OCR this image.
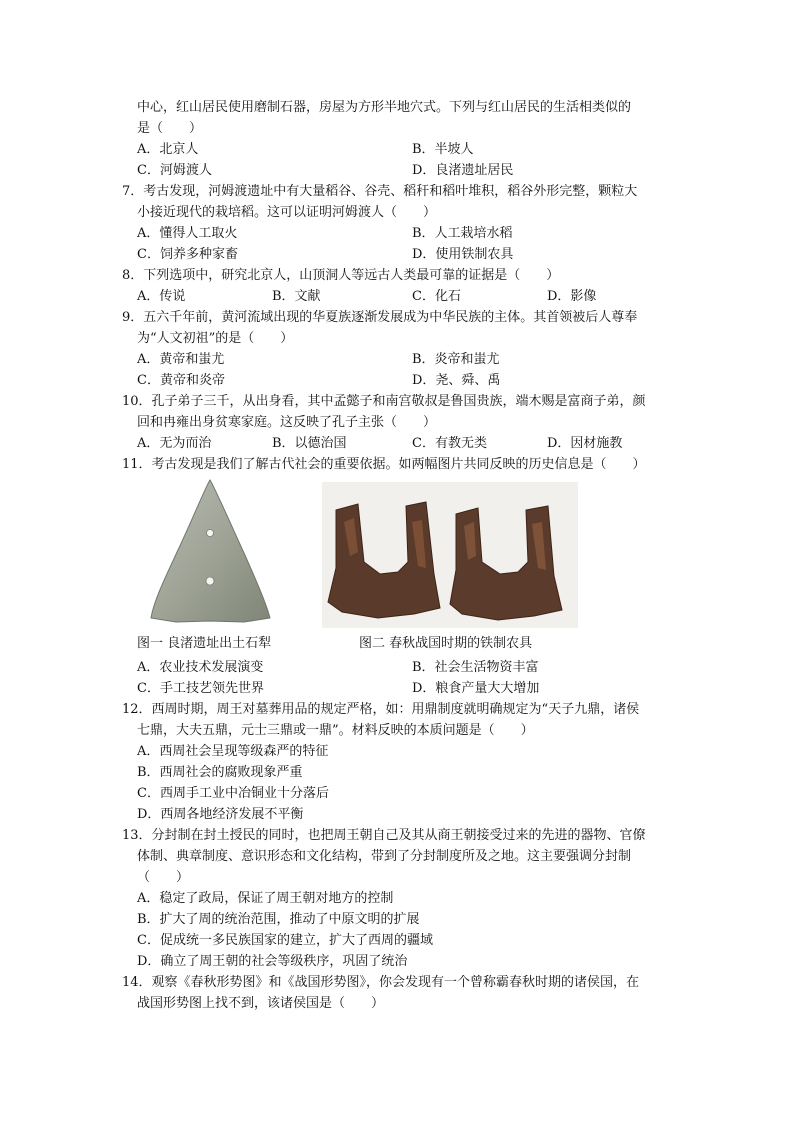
中心，红山居民使用磨制石器，房屋为方形半地穴式。下列与红山居民的生活相类似的
是（　　）
A．北京人	B．半坡人
C．河姆渡人	D．良渚遗址居民
7．考古发现，河姆渡遗址中有大量稻谷、谷壳、稻秆和稻叶堆积，稻谷外形完整，颗粒大
小接近现代的栽培稻。这可以证明河姆渡人（　　）
A．懂得人工取火	B．人工栽培水稻
C．饲养多种家畜	D．使用铁制农具
8．下列选项中，研究北京人，山顶洞人等远古人类最可靠的证据是（　　）
A．传说	B．文献	C．化石	D．影像
9．五六千年前，黄河流域出现的华夏族逐渐发展成为中华民族的主体。其首领被后人尊奉
为“人文初祖”的是（　　）
A．黄帝和蚩尤	B．炎帝和蚩尤
C．黄帝和炎帝	D．尧、舜、禹
10．孔子弟子三千，从出身看，其中孟懿子和南宫敬叔是鲁国贵族，端木赐是富商子弟，颜
回和冉雍出身贫寒家庭。这反映了孔子主张（　　）
A．无为而治	B．以德治国	C．有教无类	D．因材施教
11．考古发现是我们了解古代社会的重要依据。如两幅图片共同反映的历史信息是（　　）
图一 良渚遗址出土石犁	图二 春秋战国时期的铁制农具
A．农业技术发展演变	B．社会生活物资丰富
C．手工技艺领先世界	D．粮食产量大大增加
12．西周时期，周王对墓葬用品的规定严格，如：用鼎制度就明确规定为“天子九鼎，诸侯
七鼎，大夫五鼎，元士三鼎或一鼎”。材料反映的本质问题是（　　）
A．西周社会呈现等级森严的特征
B．西周社会的腐败现象严重
C．西周手工业中冶铜业十分落后
D．西周各地经济发展不平衡
13．分封制在封土授民的同时，也把周王朝自己及其从商王朝接受过来的先进的器物、官僚
体制、典章制度、意识形态和文化结构，带到了分封制度所及之地。这主要强调分封制
（　　）
A．稳定了政局，保证了周王朝对地方的控制
B．扩大了周的统治范围，推动了中原文明的扩展
C．促成统一多民族国家的建立，扩大了西周的疆域
D．确立了周王朝的社会等级秩序，巩固了统治
14．观察《春秋形势图》和《战国形势图》，你会发现有一个曾称霸春秋时期的诸侯国，在
战国形势图上找不到，该诸侯国是（　　）
